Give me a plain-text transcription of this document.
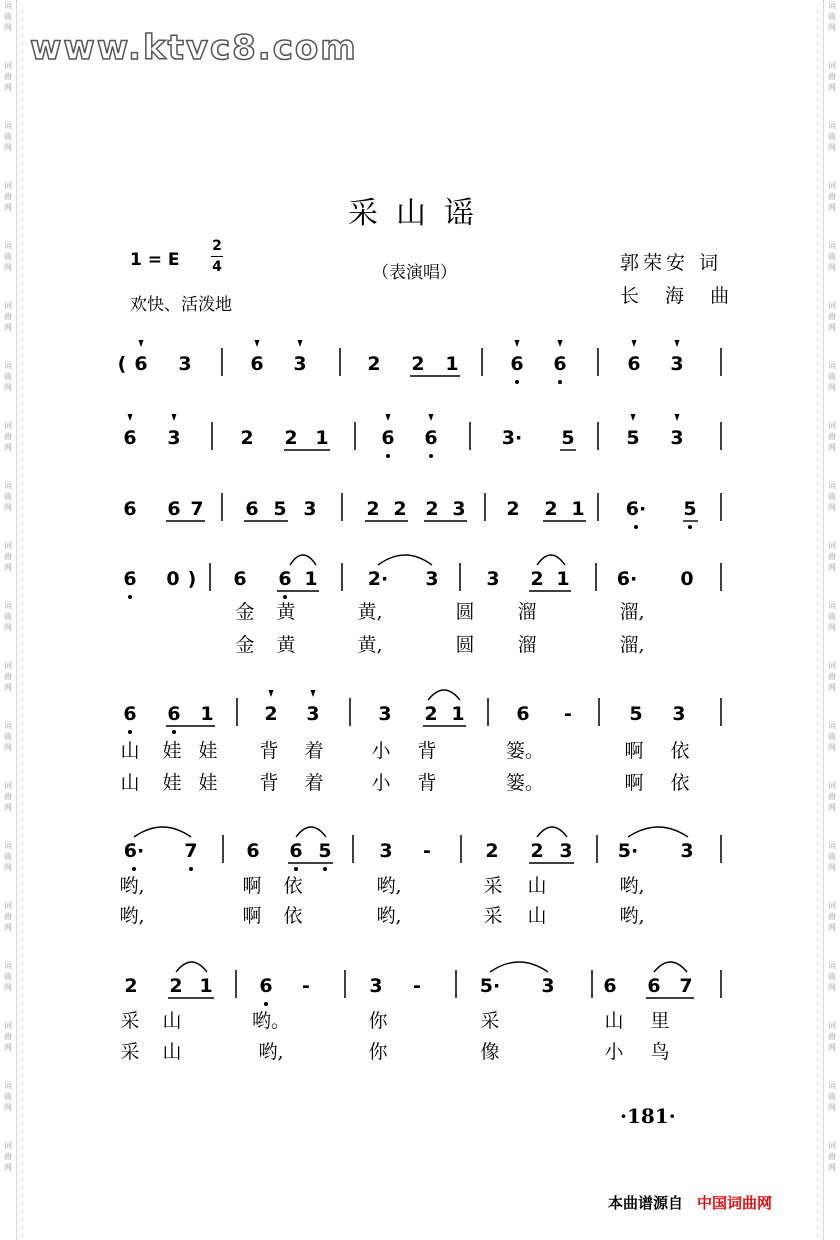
词
曲
网
词
曲
网
词
曲
网
词
曲
网
词
曲
网
词
曲
网
词
曲
网
词
曲
网
词
曲
网
词
曲
网
词
曲
网
词
曲
网
词
曲
网
词
曲
网
词
曲
网
词
曲
网
词
曲
网
词
曲
网
词
曲
网
词
曲
网
词
曲
网
词
曲
网
词
曲
网
词
曲
网
词
曲
网
词
曲
网
词
曲
网
词
曲
网
词
曲
网
词
曲
网
词
曲
网
词
曲
网
词
曲
网
词
曲
网
词
曲
网
词
曲
网
词
曲
网
词
曲
网
词
曲
网
词
曲
网
www.ktvc8.com
采山谣
1 = E
2
4	（表演唱）
欢快、活泼地
郭荣安 词
长 海 曲
( 6 3	6 3	2 2 1	6 6	6 3
6 3	2 2 1	6 6	3· 5	5 3
6 6 7 6 5 3	2 2 2 3 2 2 1 6· 5
6 0 ) 6 6 1	2· 3	3 2 1 6· 0
金 黄	黄,	圆 溜	溜,
金 黄	黄,	圆 溜	溜,
6 6 1	2 3	3 2 1	6 -	5 3
山 娃 娃 背 着	小 背	篓。	啊 依
山 娃 娃 背 着	小 背	篓。	啊 依
6· 7	6 6 5	3 -	2 2 3 5· 3
哟,	啊 依	哟,	采 山	哟,
哟,	啊 依	哟,	采 山	哟,
2 2 1 6 -	3 -	5· 3	6 6 7
采 山	哟。	你	采	山 里
采 山	哟,	你	像	小 鸟
·181·
本曲谱源自 中国词曲网
